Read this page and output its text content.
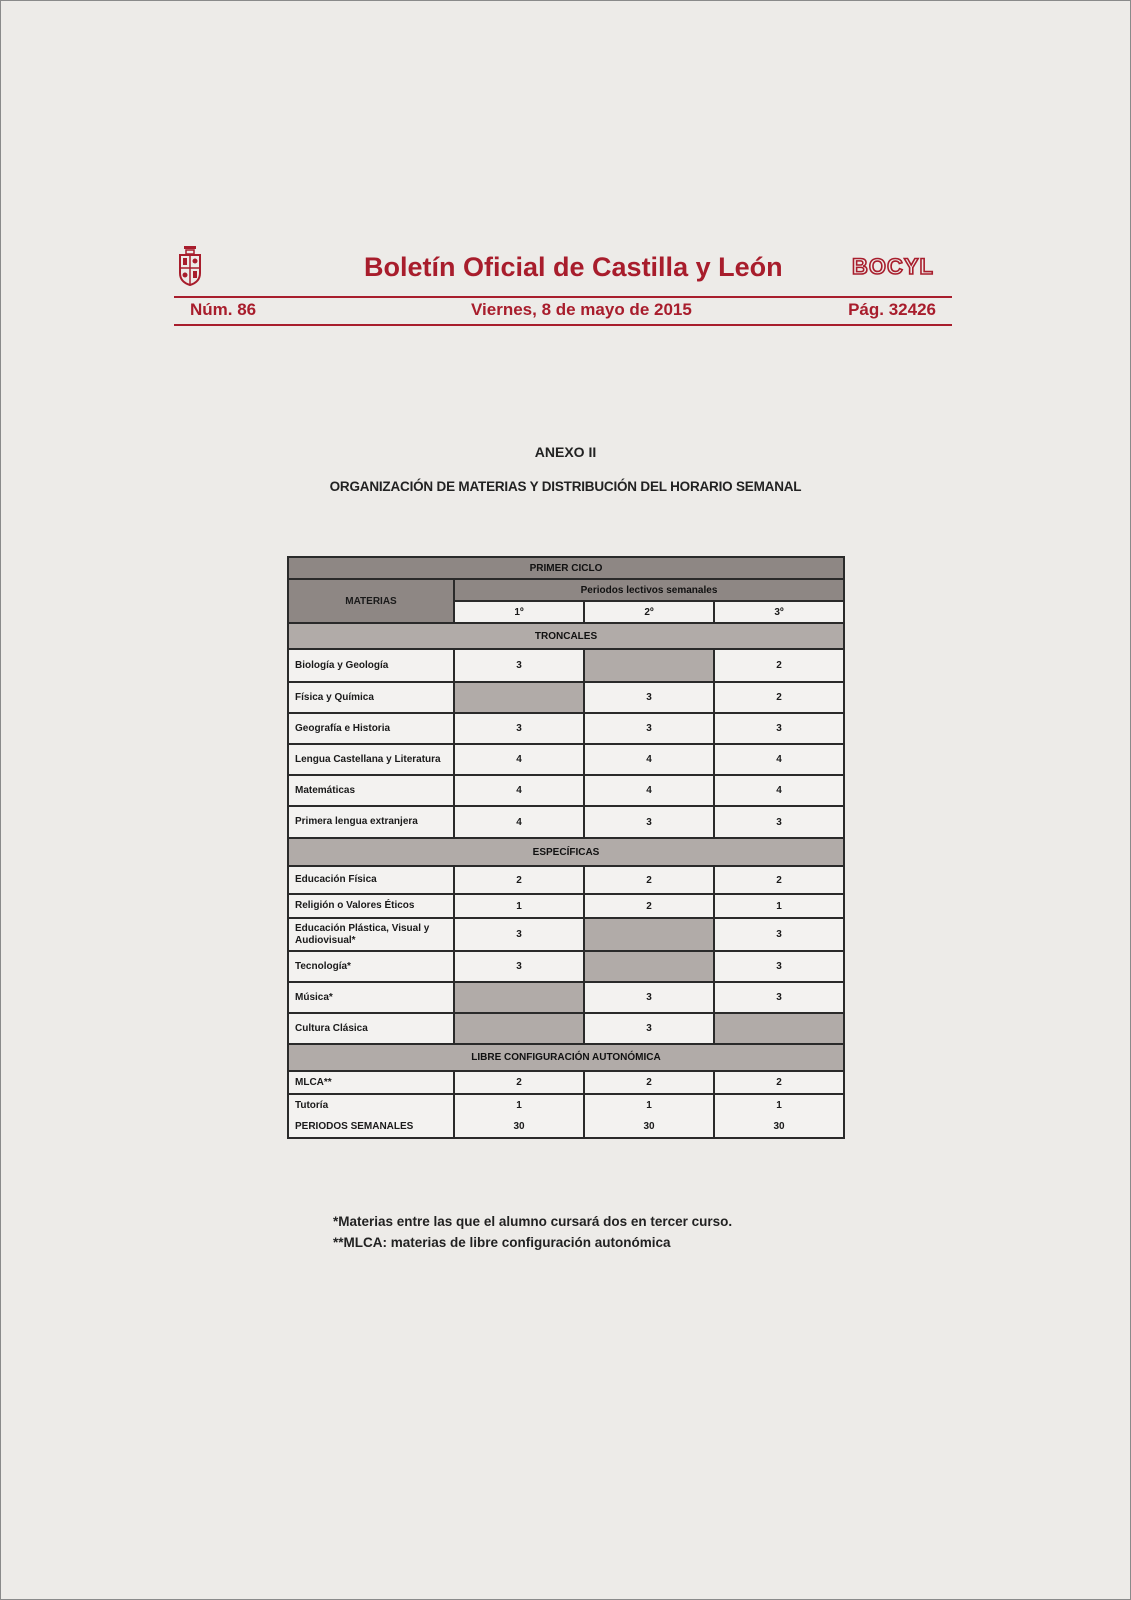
Boletín Oficial de Castilla y León	BOCYL
Núm. 86	Viernes, 8 de mayo de 2015	Pág. 32426
ANEXO II
ORGANIZACIÓN DE MATERIAS Y DISTRIBUCIÓN DEL HORARIO SEMANAL
PRIMER CICLO			
MATERIAS	Periodos lectivos semanales		
	1º	2º	3º
TRONCALES			
Biología y Geología	3		2
Física y Química		3	2
Geografía e Historia	3	3	3
Lengua Castellana y Literatura	4	4	4
Matemáticas	4	4	4
Primera lengua extranjera	4	3	3
ESPECÍFICAS			
Educación Física	2	2	2
Religión o Valores Éticos	1	2	1
Educación Plástica, Visual y Audiovisual*	3		3
Tecnología*	3		3
Música*		3	3
Cultura Clásica		3	
LIBRE CONFIGURACIÓN AUTONÓMICA			
MLCA**	2	2	2
Tutoría	1	1	1
PERIODOS SEMANALES	30	30	30
*Materias entre las que el alumno cursará dos en tercer curso.
**MLCA: materias de libre configuración autonómica
